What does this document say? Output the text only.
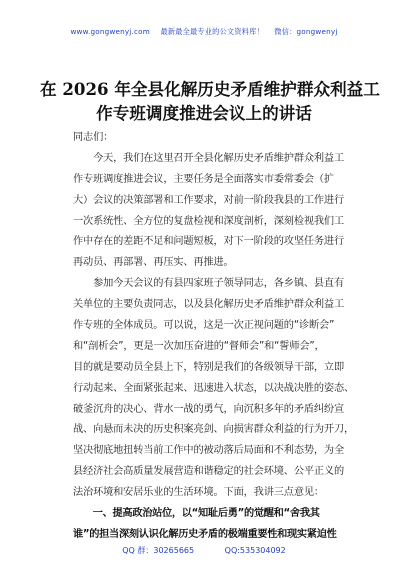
www.gongwenyj.com 最新最全最专业的公文资料库！ 微信：gongwenyj
在 2026 年全县化解历史矛盾维护群众利益工
作专班调度推进会议上的讲话
同志们：
　　今天，我们在这里召开全县化解历史矛盾维护群众利益工
作专班调度推进会议，主要任务是全面落实市委常委会（扩
大）会议的决策部署和工作要求，对前一阶段我县的工作进行
一次系统性、全方位的复盘检视和深度剖析，深刻检视我们工
作中存在的差距不足和问题短板，对下一阶段的攻坚任务进行
再动员、再部署、再压实、再推进。
　　参加今天会议的有县四家班子领导同志，各乡镇、县直有
关单位的主要负责同志，以及县化解历史矛盾维护群众利益工
作专班的全体成员。可以说，这是一次正视问题的“诊断会”
和“剖析会”，更是一次加压奋进的“督师会”和“誓师会”，
目的就是要动员全县上下，特别是我们的各级领导干部，立即
行动起来、全面紧张起来、迅速进入状态，以决战决胜的姿态、
破釜沉舟的决心、背水一战的勇气，向沉积多年的矛盾纠纷宣
战、向悬而未决的历史积案亮剑、向损害群众利益的行为开刀，
坚决彻底地扭转当前工作中的被动落后局面和不利态势，为全
县经济社会高质量发展营造和谐稳定的社会环境、公平正义的
法治环境和安居乐业的生活环境。下面，我讲三点意见：
　　一、提高政治站位，以“知耻后勇”的觉醒和“舍我其
谁”的担当深刻认识化解历史矛盾的极端重要性和现实紧迫性
QQ 群：30265665	QQ:535304092
